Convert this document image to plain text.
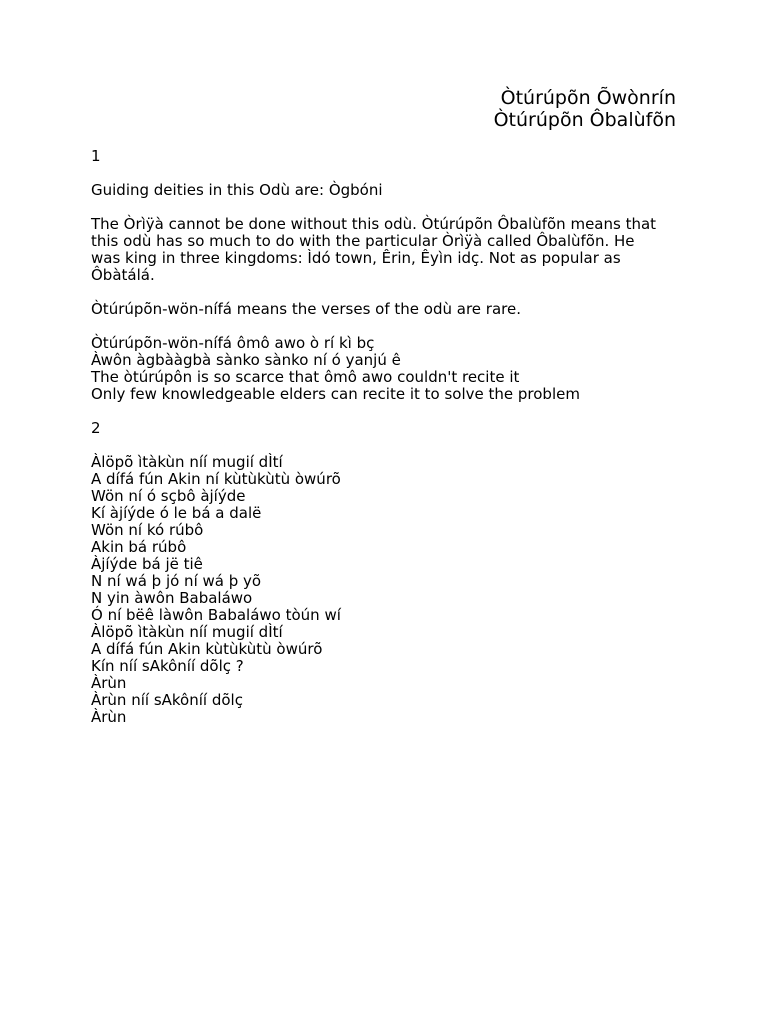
Òtúrúpõn Õwònrín
Òtúrúpõn Ôbalùfõn
1
Guiding deities in this Odù are: Ògbóni
The Òrìÿà cannot be done without this odù. Òtúrúpõn Ôbalùfõn means that
this odù has so much to do with the particular Òrìÿà called Ôbalùfõn. He
was king in three kingdoms: Ìdó town, Êrin, Êyìn idç. Not as popular as
Ôbàtálá.
Òtúrúpõn-wön-nífá means the verses of the odù are rare.
Òtúrúpõn-wön-nífá ômô awo ò rí kì bç
Àwôn àgbààgbà sànko sànko ní ó yanjú ê
The òtúrúpôn is so scarce that ômô awo couldn't recite it
Only few knowledgeable elders can recite it to solve the problem
2
Àlöpõ ìtàkùn níí mugií dÌtí
A dífá fún Akin ní kùtùkùtù òwúrõ
Wön ní ó sçbô àjíýde
Kí àjíýde ó le bá a dalë
Wön ní kó rúbô
Akin bá rúbô
Àjíýde bá jë tiê
N ní wá þ jó ní wá þ yõ
N yin àwôn Babaláwo
Ó ní bëê làwôn Babaláwo tòún wí
Àlöpõ ìtàkùn níí mugií dÌtí
A dífá fún Akin kùtùkùtù òwúrõ
Kín níí sAkôníí dõlç ?
Àrùn
Àrùn níí sAkôníí dõlç
Àrùn
